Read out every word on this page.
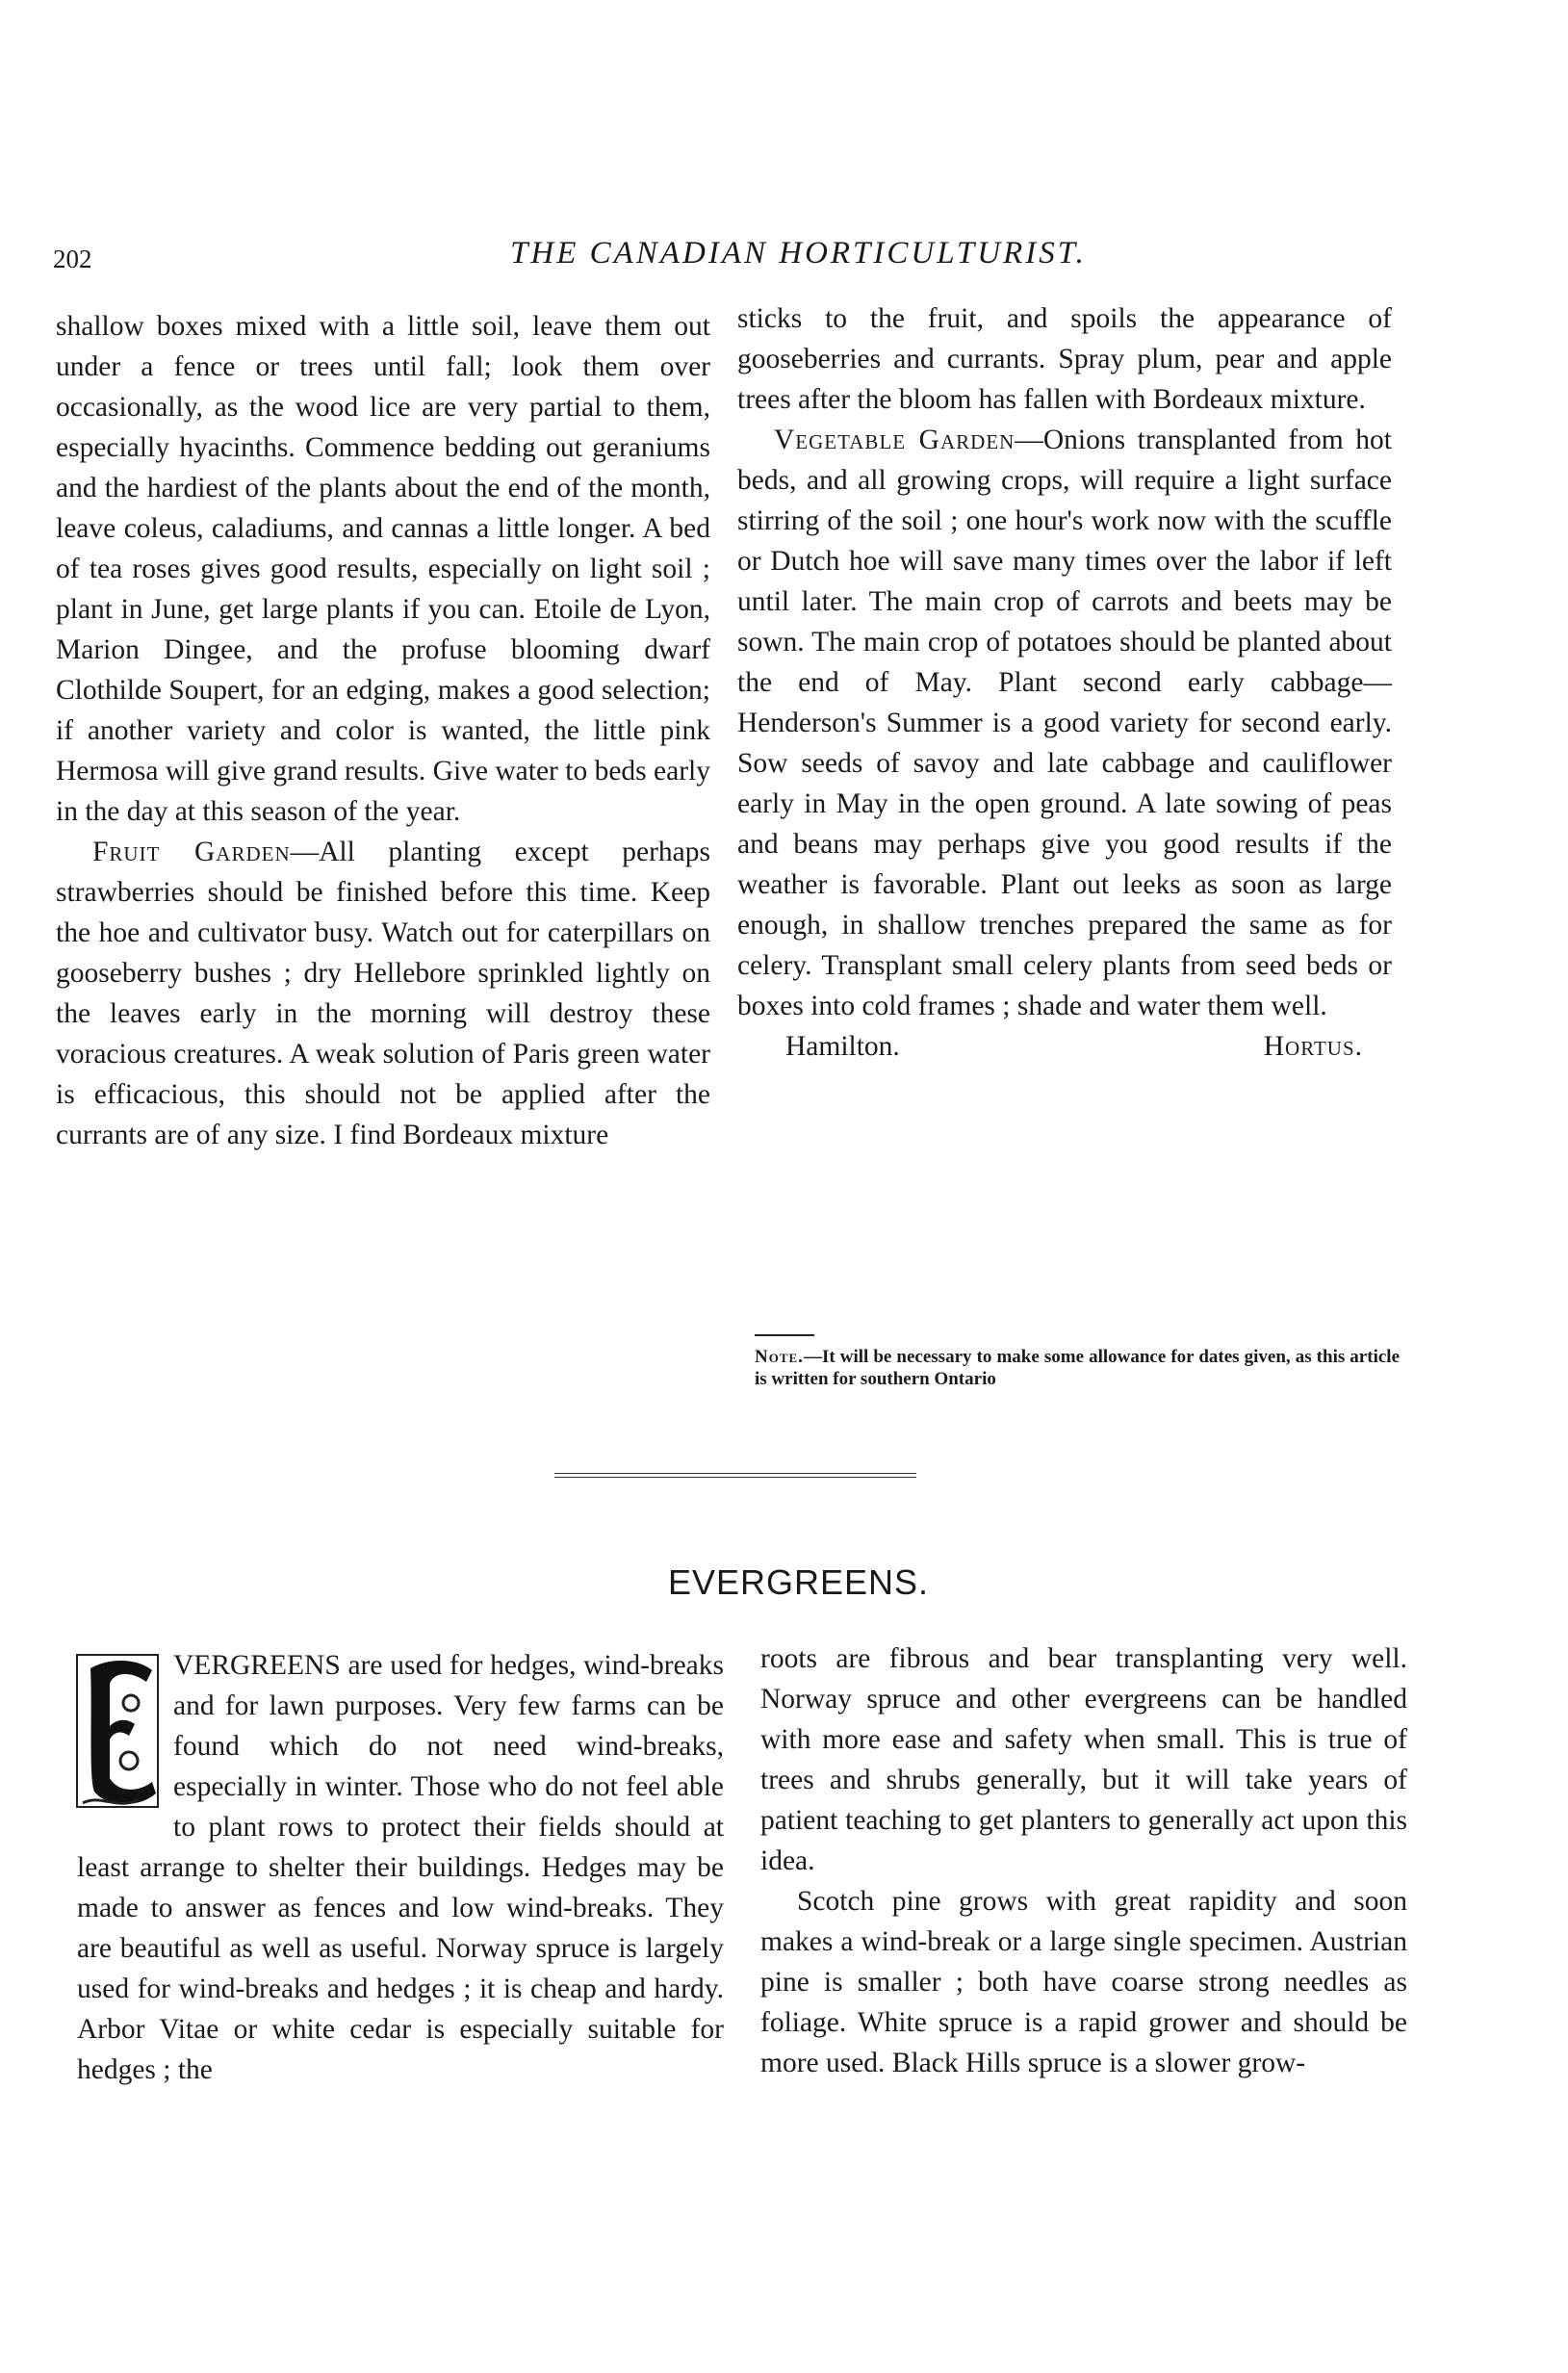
202	THE CANADIAN HORTICULTURIST.

shallow boxes mixed with a little soil, leave them out under a fence or trees until fall; look them over occasionally, as the wood lice are very partial to them, especially hyacinths. Commence bedding out geraniums and the hardiest of the plants about the end of the month, leave coleus, caladiums, and cannas a little longer. A bed of tea roses gives good results, especially on light soil ; plant in June, get large plants if you can. Etoile de Lyon, Marion Dingee, and the profuse blooming dwarf Clothilde Soupert, for an edging, makes a good selection; if another variety and color is wanted, the little pink Hermosa will give grand results. Give water to beds early in the day at this season of the year.

Fruit Garden—All planting except perhaps strawberries should be finished before this time. Keep the hoe and cultivator busy. Watch out for caterpillars on gooseberry bushes ; dry Hellebore sprinkled lightly on the leaves early in the morning will destroy these voracious creatures. A weak solution of Paris green water is efficacious, this should not be applied after the currants are of any size. I find Bordeaux mixture

sticks to the fruit, and spoils the appearance of gooseberries and currants. Spray plum, pear and apple trees after the bloom has fallen with Bordeaux mixture.

Vegetable Garden—Onions transplanted from hot beds, and all growing crops, will require a light surface stirring of the soil ; one hour's work now with the scuffle or Dutch hoe will save many times over the labor if left until later. The main crop of carrots and beets may be sown. The main crop of potatoes should be planted about the end of May. Plant second early cabbage—Henderson's Summer is a good variety for second early. Sow seeds of savoy and late cabbage and cauliflower early in May in the open ground. A late sowing of peas and beans may perhaps give you good results if the weather is favorable. Plant out leeks as soon as large enough, in shallow trenches prepared the same as for celery. Transplant small celery plants from seed beds or boxes into cold frames ; shade and water them well.

Hamilton.	Hortus.
Note.—It will be necessary to make some allowance for dates given, as this article is written for southern Ontario
EVERGREENS.

VERGREENS are used for hedges, wind-breaks and for lawn purposes. Very few farms can be found which do not need wind-breaks, especially in winter. Those who do not feel able to plant rows to protect their fields should at least arrange to shelter their buildings. Hedges may be made to answer as fences and low wind-breaks. They are beautiful as well as useful. Norway spruce is largely used for wind-breaks and hedges ; it is cheap and hardy. Arbor Vitae or white cedar is especially suitable for hedges ; the

roots are fibrous and bear transplanting very well. Norway spruce and other evergreens can be handled with more ease and safety when small. This is true of trees and shrubs generally, but it will take years of patient teaching to get planters to generally act upon this idea.

Scotch pine grows with great rapidity and soon makes a wind-break or a large single specimen. Austrian pine is smaller ; both have coarse strong needles as foliage. White spruce is a rapid grower and should be more used. Black Hills spruce is a slower grow-
